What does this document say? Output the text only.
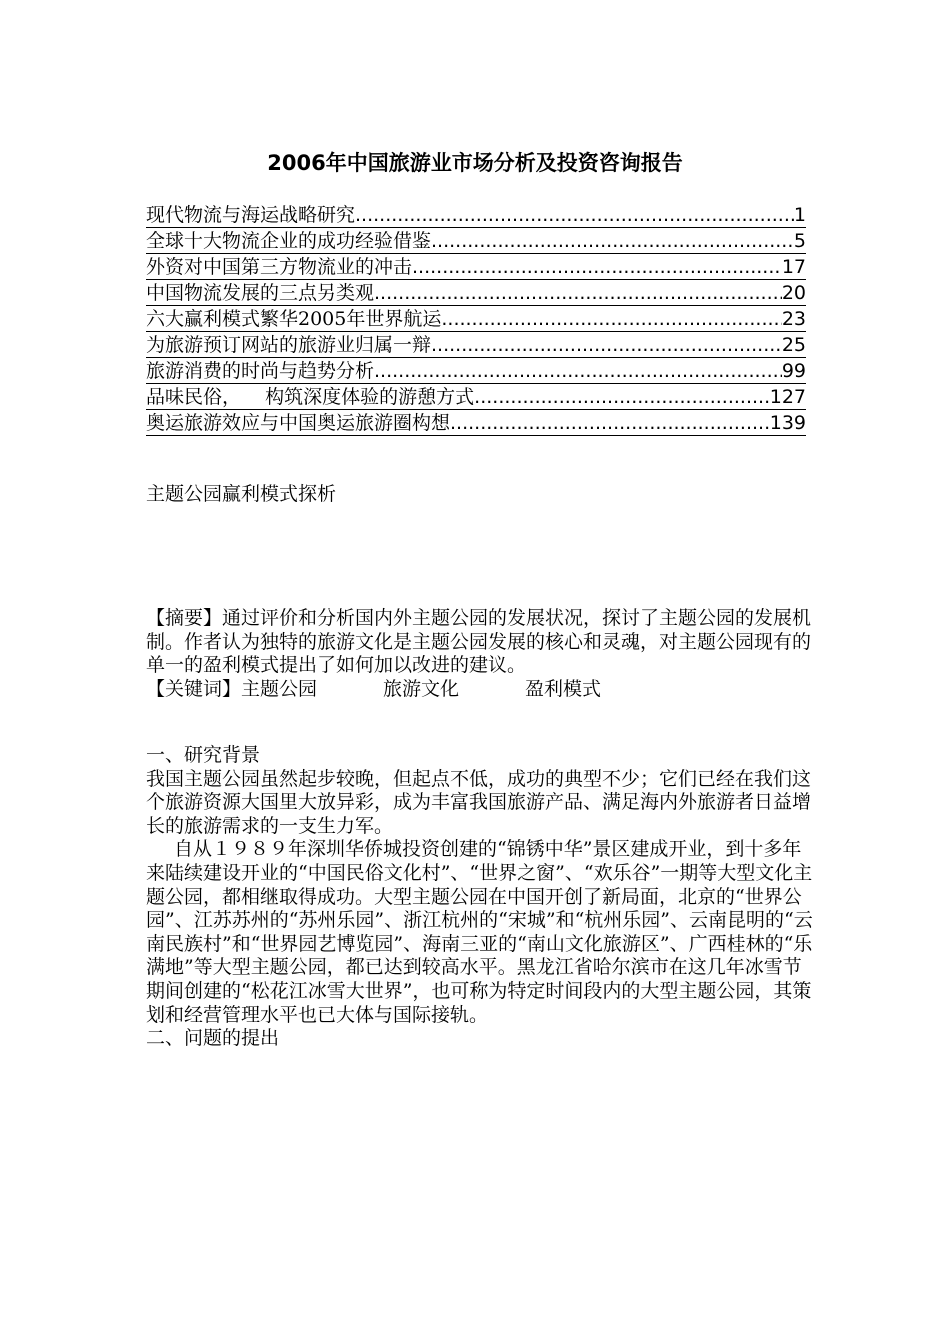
2006年中国旅游业市场分析及投资咨询报告
现代物流与海运战略研究 .....	1
全球十大物流企业的成功经验借鉴 .....	5
外资对中国第三方物流业的冲击 .....	17
中国物流发展的三点另类观 .....	20
六大赢利模式繁华2005年世界航运 .....	23
为旅游预订网站的旅游业归属一辩 .....	25
旅游消费的时尚与趋势分析 .....	99
品味民俗，    构筑深度体验的游憩方式 .....	127
奥运旅游效应与中国奥运旅游圈构想 .....	139
主题公园赢利模式探析

【摘要】通过评价和分析国内外主题公园的发展状况，探讨了主题公园的发展机制。作者认为独特的旅游文化是主题公园发展的核心和灵魂，对主题公园现有的单一的盈利模式提出了如何加以改进的建议。

【关键词】主题公园	旅游文化	盈利模式

一、研究背景

我国主题公园虽然起步较晚，但起点不低，成功的典型不少；它们已经在我们这个旅游资源大国里大放异彩，成为丰富我国旅游产品、满足海内外旅游者日益增长的旅游需求的一支生力军。

自从１９８９年深圳华侨城投资创建的“锦锈中华”景区建成开业，到十多年来陆续建设开业的“中国民俗文化村”、“世界之窗”、“欢乐谷”一期等大型文化主题公园，都相继取得成功。大型主题公园在中国开创了新局面，北京的“世界公园”、江苏苏州的“苏州乐园”、浙江杭州的“宋城”和“杭州乐园”、云南昆明的“云南民族村”和“世界园艺博览园”、海南三亚的“南山文化旅游区”、广西桂林的“乐满地”等大型主题公园，都已达到较高水平。黑龙江省哈尔滨市在这几年冰雪节期间创建的“松花江冰雪大世界”，也可称为特定时间段内的大型主题公园，其策划和经营管理水平也已大体与国际接轨。

二、问题的提出
